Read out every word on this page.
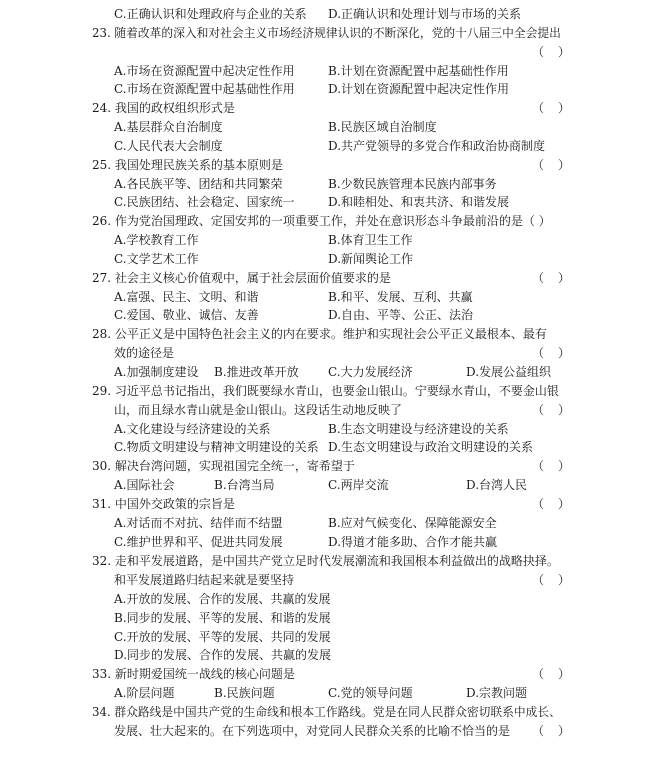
C.正确认识和处理政府与企业的关系 D.正确认识和处理计划与市场的关系
23. 随着改革的深入和对社会主义市场经济规律认识的不断深化，党的十八届三中全会提出
（ ）
A.市场在资源配置中起决定性作用	B.计划在资源配置中起基础性作用
C.市场在资源配置中起基础性作用	D.计划在资源配置中起决定性作用
24. 我国的政权组织形式是	（ ）
A.基层群众自治制度	B.民族区域自治制度
C.人民代表大会制度	D.共产党领导的多党合作和政治协商制度
25. 我国处理民族关系的基本原则是	（ ）
A.各民族平等、团结和共同繁荣	B.少数民族管理本民族内部事务
C.民族团结、社会稳定、国家统一	D.和睦相处、和衷共济、和谐发展
26. 作为党治国理政、定国安邦的一项重要工作，并处在意识形态斗争最前沿的是（ ）
A.学校教育工作	B.体育卫生工作
C.文学艺术工作	D.新闻舆论工作
27. 社会主义核心价值观中，属于社会层面价值要求的是	（ ）
A.富强、民主、文明、和谐	B.和平、发展、互利、共赢
C.爱国、敬业、诚信、友善	D.自由、平等、公正、法治
28. 公平正义是中国特色社会主义的内在要求。维护和实现社会公平正义最根本、最有
效的途径是	（ ）
A.加强制度建设 B.推进改革开放 C.大力发展经济	D.发展公益组织
29. 习近平总书记指出，我们既要绿水青山，也要金山银山。宁要绿水青山，不要金山银
山，而且绿水青山就是金山银山。这段话生动地反映了	（ ）
A.文化建设与经济建设的关系	B.生态文明建设与经济建设的关系
C.物质文明建设与精神文明建设的关系 D.生态文明建设与政治文明建设的关系
30. 解决台湾问题，实现祖国完全统一，寄希望于	（ ）
A.国际社会	B.台湾当局	C.两岸交流	D.台湾人民
31. 中国外交政策的宗旨是	（ ）
A.对话而不对抗、结伴而不结盟	B.应对气候变化、保障能源安全
C.维护世界和平、促进共同发展	D.得道才能多助、合作才能共赢
32. 走和平发展道路，是中国共产党立足时代发展潮流和我国根本利益做出的战略抉择。
和平发展道路归结起来就是要坚持	（ ）
A.开放的发展、合作的发展、共赢的发展
B.同步的发展、平等的发展、和谐的发展
C.开放的发展、平等的发展、共同的发展
D.同步的发展、合作的发展、共赢的发展
33. 新时期爱国统一战线的核心问题是	（ ）
A.阶层问题	B.民族问题	C.党的领导问题	D.宗教问题
34. 群众路线是中国共产党的生命线和根本工作路线。党是在同人民群众密切联系中成长、
发展、壮大起来的。在下列选项中，对党同人民群众关系的比喻不恰当的是 （ ）
